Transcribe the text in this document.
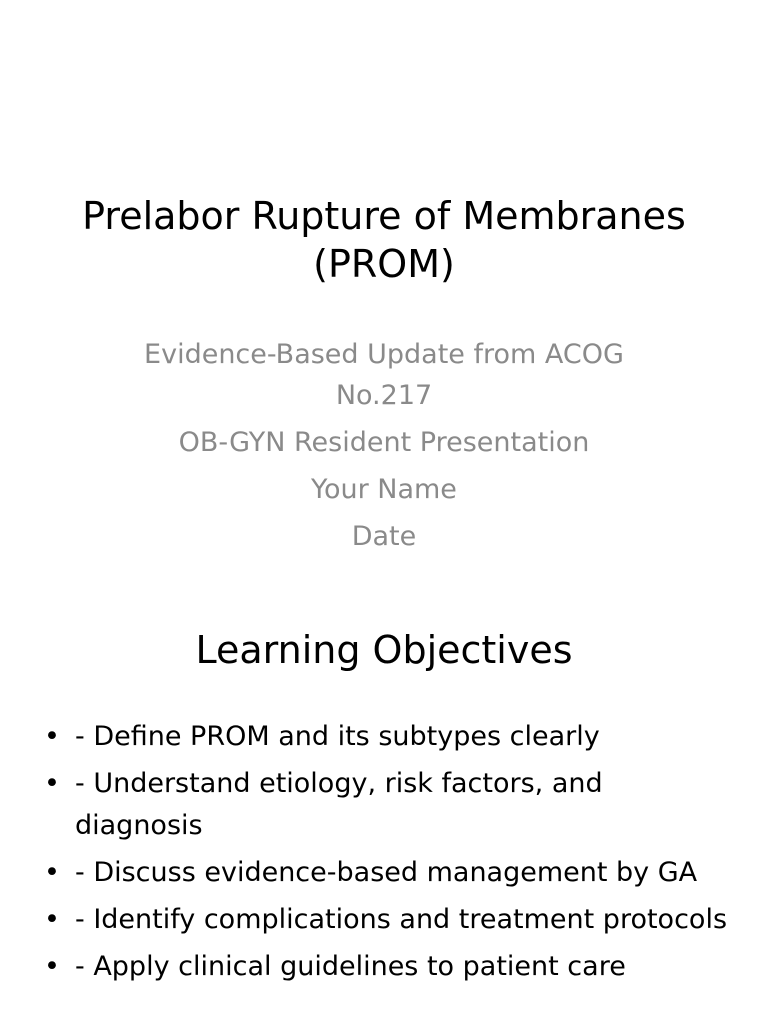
Prelabor Rupture of Membranes (PROM)
Evidence-Based Update from ACOG No.217
OB-GYN Resident Presentation
Your Name
Date
Learning Objectives
• - Define PROM and its subtypes clearly
• - Understand etiology, risk factors, and diagnosis
• - Discuss evidence-based management by GA
• - Identify complications and treatment protocols
• - Apply clinical guidelines to patient care
